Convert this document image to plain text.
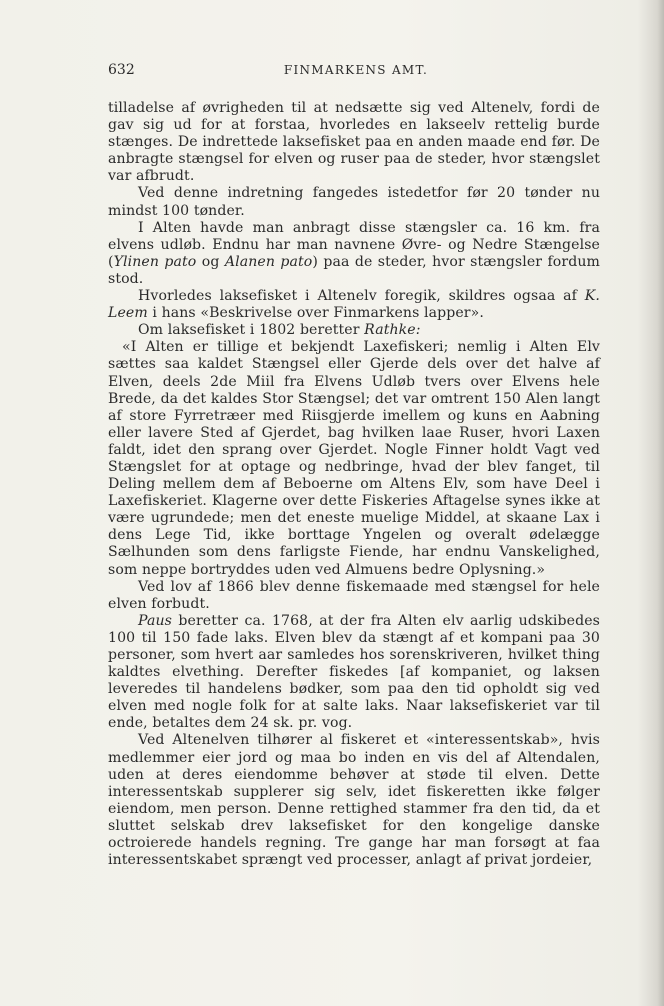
632	FINMARKENS AMT.

tilladelse af øvrigheden til at nedsætte sig ved Altenelv, fordi de gav sig ud for at forstaa, hvorledes en lakseelv rettelig burde stænges. De indrettede laksefisket paa en anden maade end før. De anbragte stængsel for elven og ruser paa de steder, hvor stængslet var afbrudt.

Ved denne indretning fangedes istedetfor før 20 tønder nu mindst 100 tønder.

I Alten havde man anbragt disse stængsler ca. 16 km. fra elvens udløb. Endnu har man navnene Øvre- og Nedre Stængelse (Ylinen pato og Alanen pato) paa de steder, hvor stængsler fordum stod.

Hvorledes laksefisket i Altenelv foregik, skildres ogsaa af K. Leem i hans «Beskrivelse over Finmarkens lapper».

Om laksefisket i 1802 beretter Rathke:

«I Alten er tillige et bekjendt Laxefiskeri; nemlig i Alten Elv sættes saa kaldet Stængsel eller Gjerde dels over det halve af Elven, deels 2de Miil fra Elvens Udløb tvers over Elvens hele Brede, da det kaldes Stor Stængsel; det var omtrent 150 Alen langt af store Fyrretræer med Riisgjerde imellem og kuns en Aabning eller lavere Sted af Gjerdet, bag hvilken laae Ruser, hvori Laxen faldt, idet den sprang over Gjerdet. Nogle Finner holdt Vagt ved Stængslet for at optage og nedbringe, hvad der blev fanget, til Deling mellem dem af Beboerne om Altens Elv, som have Deel i Laxefiskeriet. Klagerne over dette Fiskeries Aftagelse synes ikke at være ugrundede; men det eneste muelige Middel, at skaane Lax i dens Lege Tid, ikke borttage Yngelen og overalt ødelægge Sælhunden som dens farligste Fiende, har endnu Vanskelighed, som neppe bortryddes uden ved Almuens bedre Oplysning.»

Ved lov af 1866 blev denne fiskemaade med stængsel for hele elven forbudt.

Paus beretter ca. 1768, at der fra Alten elv aarlig udskibedes 100 til 150 fade laks. Elven blev da stængt af et kompani paa 30 personer, som hvert aar samledes hos sorenskriveren, hvilket thing kaldtes elvething. Derefter fiskedes [af kompaniet, og laksen leveredes til handelens bødker, som paa den tid opholdt sig ved elven med nogle folk for at salte laks. Naar laksefiskeriet var til ende, betaltes dem 24 sk. pr. vog.

Ved Altenelven tilhører al fiskeret et «interessentskab», hvis medlemmer eier jord og maa bo inden en vis del af Altendalen, uden at deres eiendomme behøver at støde til elven. Dette interessentskab supplerer sig selv, idet fiskeretten ikke følger eiendom, men person. Denne rettighed stammer fra den tid, da et sluttet selskab drev laksefisket for den kongelige danske octroierede handels regning. Tre gange har man forsøgt at faa interessentskabet sprængt ved processer, anlagt af privat jordeier,
